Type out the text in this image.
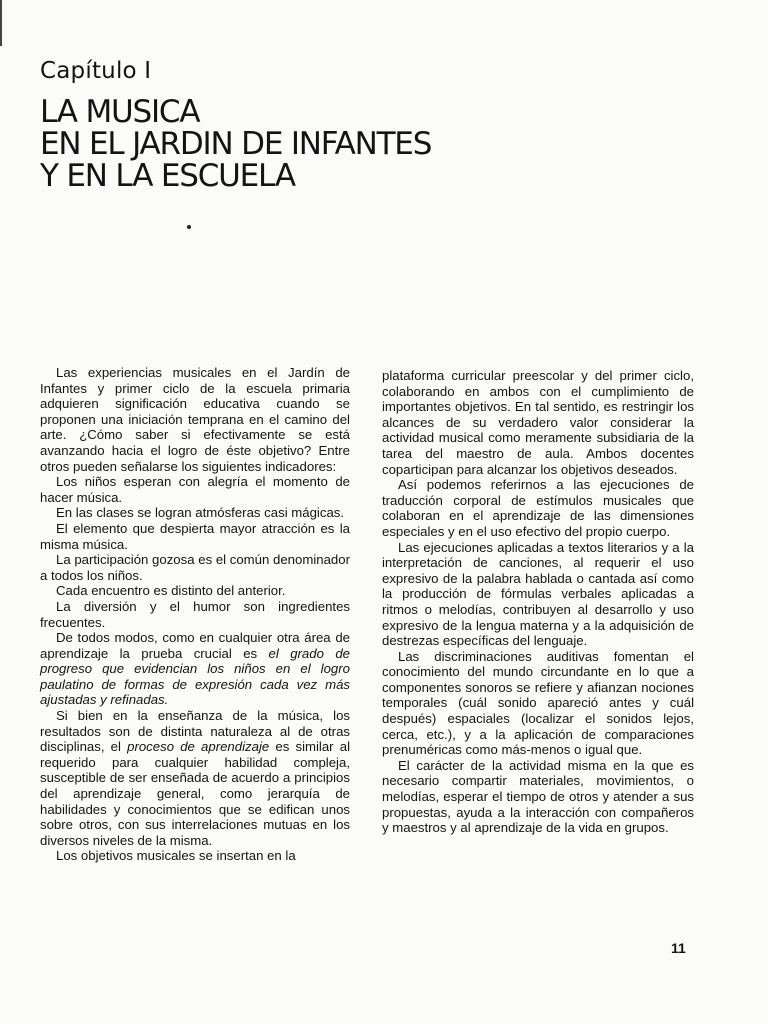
Capítulo I
LA MUSICA
EN EL JARDIN DE INFANTES
Y EN LA ESCUELA

Las experiencias musicales en el Jardín de Infantes y primer ciclo de la escuela primaria adquieren significación educativa cuando se proponen una iniciación temprana en el camino del arte. ¿Cómo saber si efectivamente se está avanzando hacia el logro de éste objetivo? Entre otros pueden señalarse los siguientes indicadores:

Los niños esperan con alegría el momento de hacer música.

En las clases se logran atmósferas casi mágicas.

El elemento que despierta mayor atracción es la misma música.

La participación gozosa es el común denominador a todos los niños.

Cada encuentro es distinto del anterior.

La diversión y el humor son ingredientes frecuentes.

De todos modos, como en cualquier otra área de aprendizaje la prueba crucial es el grado de progreso que evidencian los niños en el logro paulatino de formas de expresión cada vez más ajustadas y refinadas.

Si bien en la enseñanza de la música, los resultados son de distinta naturaleza al de otras disciplinas, el proceso de aprendizaje es similar al requerido para cualquier habilidad compleja, susceptible de ser enseñada de acuerdo a principios del aprendizaje general, como jerarquía de habilidades y conocimientos que se edifican unos sobre otros, con sus interrelaciones mutuas en los diversos niveles de la misma.

Los objetivos musicales se insertan en la

plataforma curricular preescolar y del primer ciclo, colaborando en ambos con el cumplimiento de importantes objetivos. En tal sentido, es restringir los alcances de su verdadero valor considerar la actividad musical como meramente subsidiaria de la tarea del maestro de aula. Ambos docentes coparticipan para alcanzar los objetivos deseados.

Así podemos referirnos a las ejecuciones de traducción corporal de estímulos musicales que colaboran en el aprendizaje de las dimensiones especiales y en el uso efectivo del propio cuerpo.

Las ejecuciones aplicadas a textos literarios y a la interpretación de canciones, al requerir el uso expresivo de la palabra hablada o cantada así como la producción de fórmulas verbales aplicadas a ritmos o melodías, contribuyen al desarrollo y uso expresivo de la lengua materna y a la adquisición de destrezas específicas del lenguaje.

Las discriminaciones auditivas fomentan el conocimiento del mundo circundante en lo que a componentes sonoros se refiere y afianzan nociones temporales (cuál sonido apareció antes y cuál después) espaciales (localizar el sonidos lejos, cerca, etc.), y a la aplicación de comparaciones prenuméricas como más-menos o igual que.

El carácter de la actividad misma en la que es necesario compartir materiales, movimientos, o melodías, esperar el tiempo de otros y atender a sus propuestas, ayuda a la interacción con compañeros y maestros y al aprendizaje de la vida en grupos.

11
